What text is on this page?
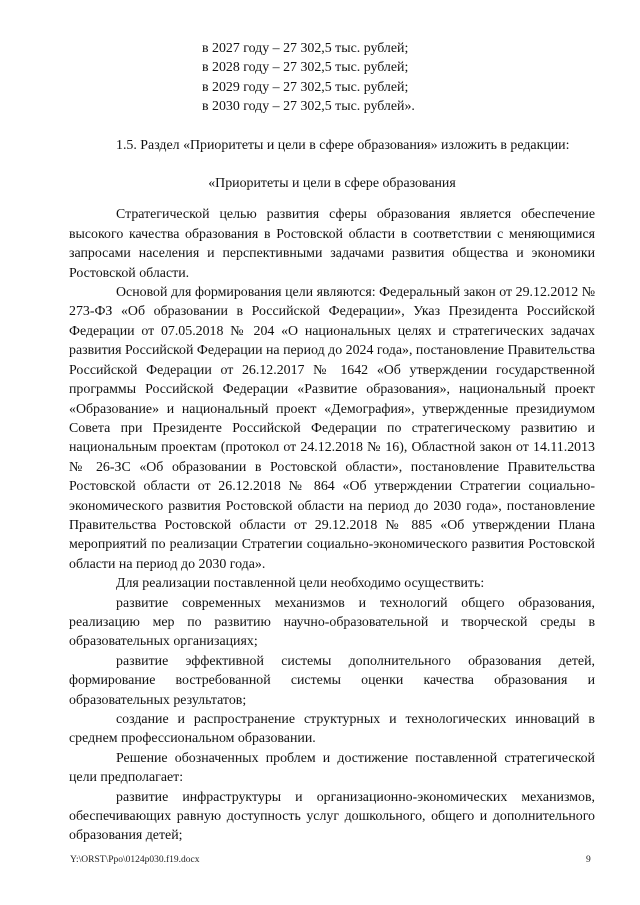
в 2027 году – 27 302,5 тыс. рублей;
в 2028 году – 27 302,5 тыс. рублей;
в 2029 году – 27 302,5 тыс. рублей;
в 2030 году – 27 302,5 тыс. рублей».

1.5. Раздел «Приоритеты и цели в сфере образования» изложить в редакции:

«Приоритеты и цели в сфере образования

Стратегической целью развития сферы образования является обеспечение высокого качества образования в Ростовской области в соответствии с меняющимися запросами населения и перспективными задачами развития общества и экономики Ростовской области.

Основой для формирования цели являются: Федеральный закон от 29.12.2012 № 273-ФЗ «Об образовании в Российской Федерации», Указ Президента Российской Федерации от 07.05.2018 № 204 «О национальных целях и стратегических задачах развития Российской Федерации на период до 2024 года», постановление Правительства Российской Федерации от 26.12.2017 № 1642 «Об утверждении государственной программы Российской Федерации «Развитие образования», национальный проект «Образование» и национальный проект «Демография», утвержденные президиумом Совета при Президенте Российской Федерации по стратегическому развитию и национальным проектам (протокол от 24.12.2018 № 16), Областной закон от 14.11.2013 № 26-ЗС «Об образовании в Ростовской области», постановление Правительства Ростовской области от 26.12.2018 № 864 «Об утверждении Стратегии социально-экономического развития Ростовской области на период до 2030 года», постановление Правительства Ростовской области от 29.12.2018 № 885 «Об утверждении Плана мероприятий по реализации Стратегии социально-экономического развития Ростовской области на период до 2030 года».

Для реализации поставленной цели необходимо осуществить:

развитие современных механизмов и технологий общего образования, реализацию мер по развитию научно-образовательной и творческой среды в образовательных организациях;

развитие эффективной системы дополнительного образования детей, формирование востребованной системы оценки качества образования и образовательных результатов;

создание и распространение структурных и технологических инноваций в среднем профессиональном образовании.

Решение обозначенных проблем и достижение поставленной стратегической цели предполагает:

развитие инфраструктуры и организационно-экономических механизмов, обеспечивающих равную доступность услуг дошкольного, общего и дополнительного образования детей;

Y:\ORST\Ppo\0124p030.f19.docx	9
